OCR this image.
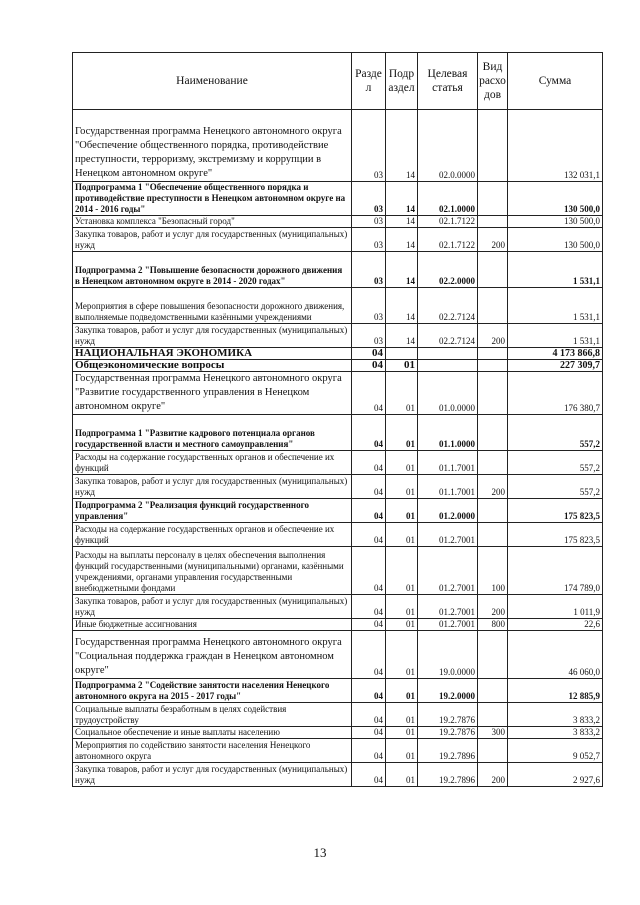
Наименование	Разде л	Подр аздел	Целевая статья	Вид расхо дов	Сумма
Государственная программа Ненецкого автономного округа "Обеспечение общественного порядка, противодействие преступности, терроризму, экстремизму и коррупции в Ненецком автономном округе"	03	14	02.0.0000		132 031,1
Подпрограмма 1 "Обеспечение общественного порядка и противодействие преступности в Ненецком автономном округе на 2014 - 2016 годы"	03	14	02.1.0000		130 500,0
Установка комплекса "Безопасный город"	03	14	02.1.7122		130 500,0
Закупка товаров, работ и услуг для государственных (муниципальных) нужд	03	14	02.1.7122	200	130 500,0
Подпрограмма 2 "Повышение безопасности дорожного движения в Ненецком автономном округе в 2014 - 2020 годах"	03	14	02.2.0000		1 531,1
Мероприятия в сфере повышения безопасности дорожного движения, выполняемые подведомственными казёнными учреждениями	03	14	02.2.7124		1 531,1
Закупка товаров, работ и услуг для государственных (муниципальных) нужд	03	14	02.2.7124	200	1 531,1
НАЦИОНАЛЬНАЯ ЭКОНОМИКА	04				4 173 866,8
Общеэкономические вопросы	04	01			227 309,7
Государственная программа Ненецкого автономного округа "Развитие государственного управления в Ненецком автономном округе"	04	01	01.0.0000		176 380,7
Подпрограмма 1 "Развитие кадрового потенциала органов государственной власти и местного самоуправления"	04	01	01.1.0000		557,2
Расходы на содержание государственных органов и обеспечение их функций	04	01	01.1.7001		557,2
Закупка товаров, работ и услуг для государственных (муниципальных) нужд	04	01	01.1.7001	200	557,2
Подпрограмма 2 "Реализация функций государственного управления"	04	01	01.2.0000		175 823,5
Расходы на содержание государственных органов и обеспечение их функций	04	01	01.2.7001		175 823,5
Расходы на выплаты персоналу в целях обеспечения выполнения функций государственными (муниципальными) органами, казёнными учреждениями, органами управления государственными внебюджетными фондами	04	01	01.2.7001	100	174 789,0
Закупка товаров, работ и услуг для государственных (муниципальных) нужд	04	01	01.2.7001	200	1 011,9
Иные бюджетные ассигнования	04	01	01.2.7001	800	22,6
Государственная программа Ненецкого автономного округа "Социальная поддержка граждан в Ненецком автономном округе"	04	01	19.0.0000		46 060,0
Подпрограмма 2 "Содействие занятости населения Ненецкого автономного округа на 2015 - 2017 годы"	04	01	19.2.0000		12 885,9
Социальные выплаты безработным в целях содействия трудоустройству	04	01	19.2.7876		3 833,2
Социальное обеспечение и иные выплаты населению	04	01	19.2.7876	300	3 833,2
Мероприятия по содействию занятости населения Ненецкого автономного округа	04	01	19.2.7896		9 052,7
Закупка товаров, работ и услуг для государственных (муниципальных) нужд	04	01	19.2.7896	200	2 927,6
13
